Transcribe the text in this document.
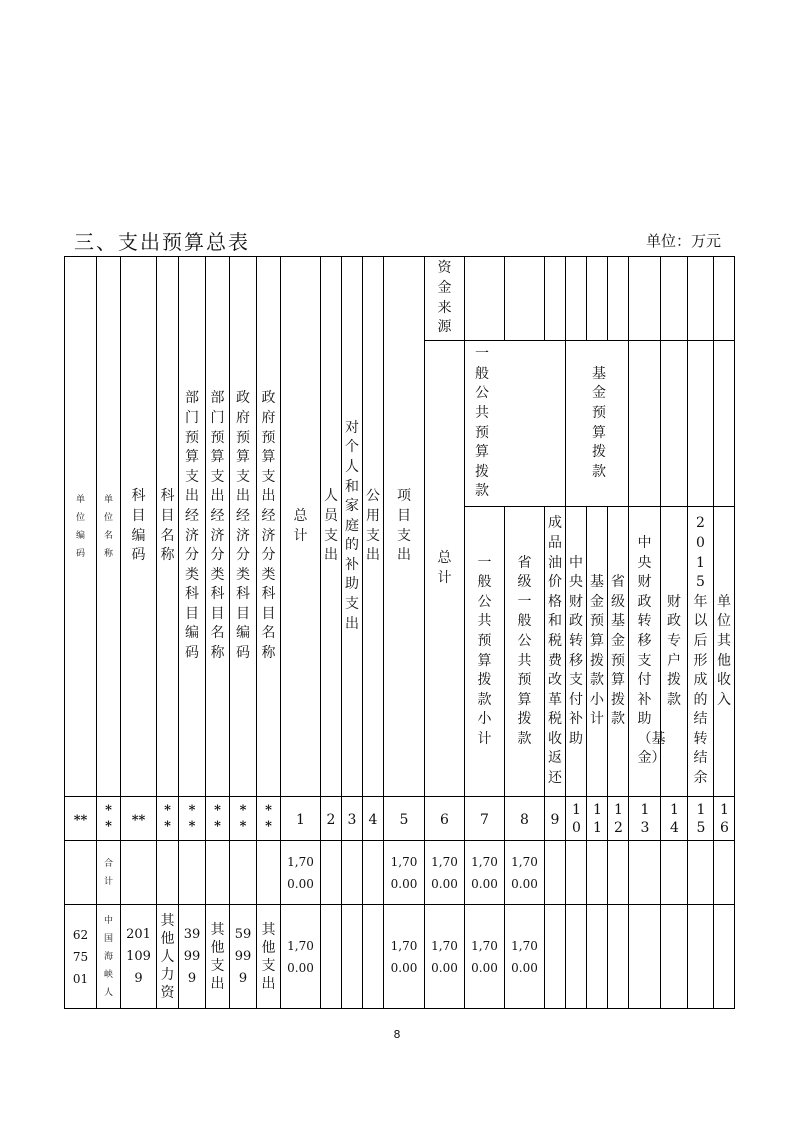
三、支出预算总表	单位：万元
单位编码	单位名称	科目编码	科目名称	部门预算支出经济分类科目编码	部门预算支出经济分类科目名称	政府预算支出经济分类科目编码	政府预算支出经济分类科目名称	总计	人员支出	对个人和家庭的补助支出	公用支出	项目支出	资金来源										
													总计	一般公共预算拨款			基金预算拨款						
														一般公共预算拨款小计	省级一般公共预算拨款	成品油价格和税费改革税收返还	中央财政转移支付补助	基金预算拨款小计	省级基金预算拨款	中央财政转移支付补助（基金）	财政专户拨款	2015年以后形成的结转结余	单位其他收入
**	**	**	**	**	**	**	**	1	2	3	4	5	6	7	8	9	10	11	12	13	14	15	16
	合计							1,700.00				1,700.00	1,700.00	1,700.00	1,700.00								
627501	中国海峡人	2011099	其他人力资	39999	其他支出	59999	其他支出	1,700.00				1,700.00	1,700.00	1,700.00	1,700.00								
8
